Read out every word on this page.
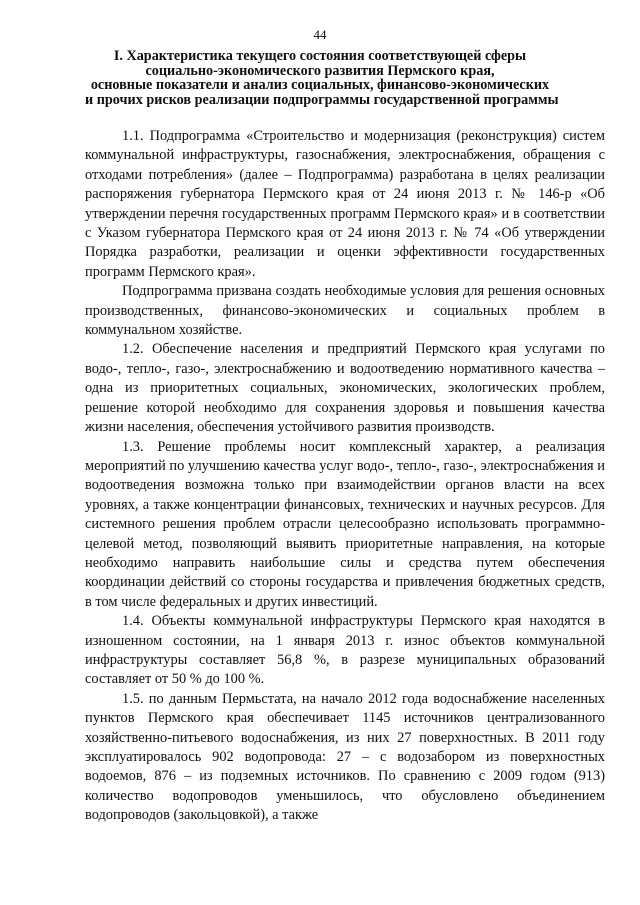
44
I. Характеристика текущего состояния соответствующей сферы
социально-экономического развития Пермского края,
основные показатели и анализ социальных, финансово-экономических
и прочих рисков реализации подпрограммы государственной программы

1.1. Подпрограмма «Строительство и модернизация (реконструкция) систем коммунальной инфраструктуры, газоснабжения, электроснабжения, обращения с отходами потребления» (далее – Подпрограмма) разработана в целях реализации распоряжения губернатора Пермского края от 24 июня 2013 г. № 146-р «Об утверждении перечня государственных программ Пермского края» и в соответствии с Указом губернатора Пермского края от 24 июня 2013 г. № 74 «Об утверждении Порядка разработки, реализации и оценки эффективности государственных программ Пермского края».

Подпрограмма призвана создать необходимые условия для решения основных производственных, финансово-экономических и социальных проблем в коммунальном хозяйстве.

1.2. Обеспечение населения и предприятий Пермского края услугами по водо-, тепло-, газо-, электроснабжению и водоотведению нормативного качества – одна из приоритетных социальных, экономических, экологических проблем, решение которой необходимо для сохранения здоровья и повышения качества жизни населения, обеспечения устойчивого развития производств.

1.3. Решение проблемы носит комплексный характер, а реализация мероприятий по улучшению качества услуг водо-, тепло-, газо-, электроснабжения и водоотведения возможна только при взаимодействии органов власти на всех уровнях, а также концентрации финансовых, технических и научных ресурсов. Для системного решения проблем отрасли целесообразно использовать программно-целевой метод, позволяющий выявить приоритетные направления, на которые необходимо направить наибольшие силы и средства путем обеспечения координации действий со стороны государства и привлечения бюджетных средств, в том числе федеральных и других инвестиций.

1.4. Объекты коммунальной инфраструктуры Пермского края находятся в изношенном состоянии, на 1 января 2013 г. износ объектов коммунальной инфраструктуры составляет 56,8 %, в разрезе муниципальных образований составляет от 50 % до 100 %.

1.5. по данным Пермьстата, на начало 2012 года водоснабжение населенных пунктов Пермского края обеспечивает 1145 источников централизованного хозяйственно-питьевого водоснабжения, из них 27 поверхностных. В 2011 году эксплуатировалось 902 водопровода: 27 – с водозабором из поверхностных водоемов, 876 – из подземных источников. По сравнению с 2009 годом (913) количество водопроводов уменьшилось, что обусловлено объединением водопроводов (закольцовкой), а также
